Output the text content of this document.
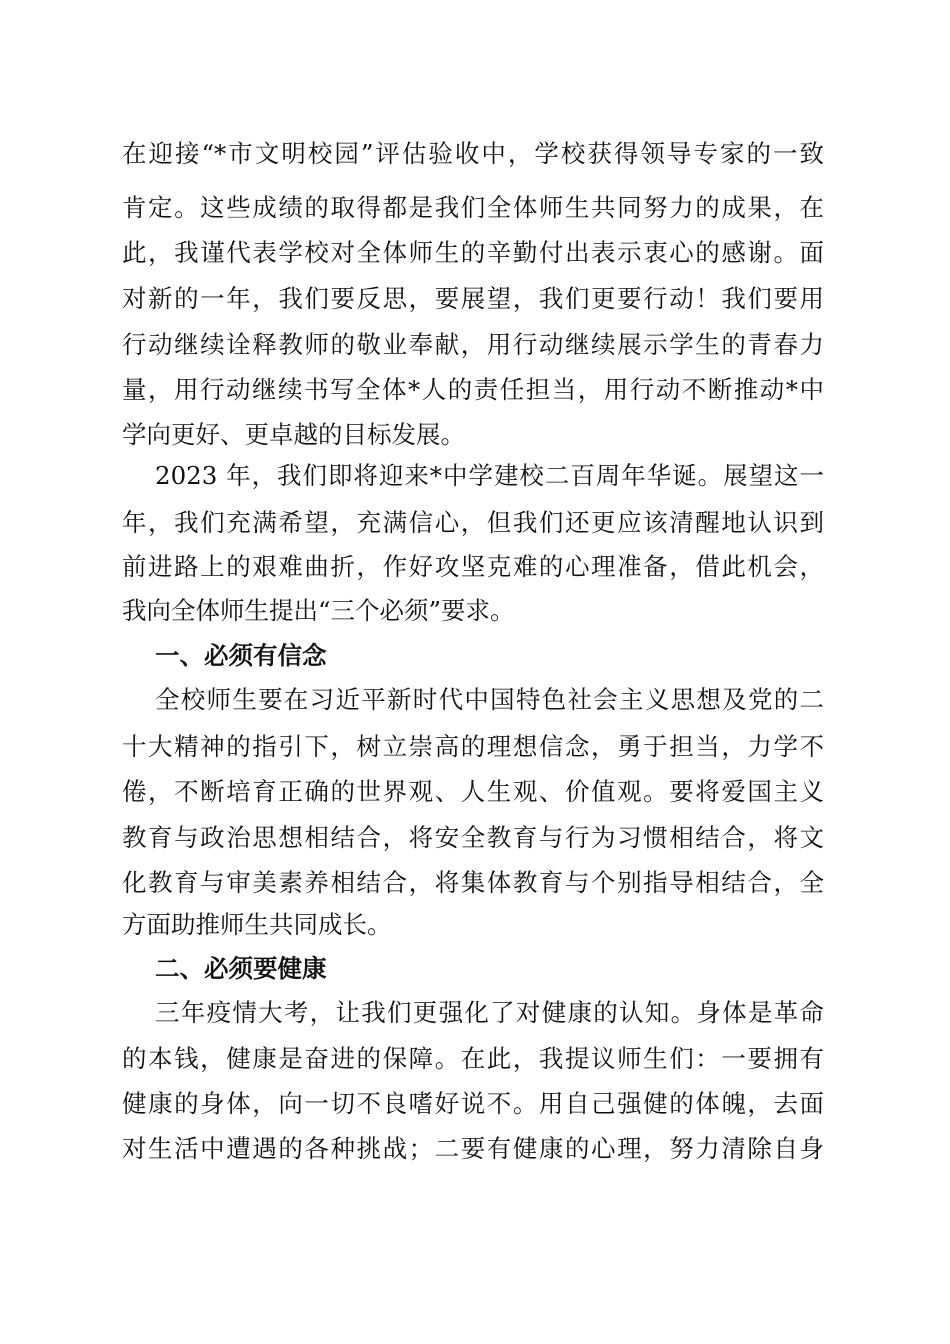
在迎接“*市文明校园”评估验收中，学校获得领导专家的一致

肯定。这些成绩的取得都是我们全体师生共同努力的成果，在

此，我谨代表学校对全体师生的辛勤付出表示衷心的感谢。面

对新的一年，我们要反思，要展望，我们更要行动！我们要用

行动继续诠释教师的敬业奉献，用行动继续展示学生的青春力

量，用行动继续书写全体*人的责任担当，用行动不断推动*中

学向更好、更卓越的目标发展。

2023 年，我们即将迎来*中学建校二百周年华诞。展望这一

年，我们充满希望，充满信心，但我们还更应该清醒地认识到

前进路上的艰难曲折，作好攻坚克难的心理准备，借此机会，

我向全体师生提出“三个必须”要求。

一、必须有信念

全校师生要在习近平新时代中国特色社会主义思想及党的二

十大精神的指引下，树立崇高的理想信念，勇于担当，力学不

倦，不断培育正确的世界观、人生观、价值观。要将爱国主义

教育与政治思想相结合，将安全教育与行为习惯相结合，将文

化教育与审美素养相结合，将集体教育与个别指导相结合，全

方面助推师生共同成长。

二、必须要健康

三年疫情大考，让我们更强化了对健康的认知。身体是革命

的本钱，健康是奋进的保障。在此，我提议师生们：一要拥有

健康的身体，向一切不良嗜好说不。用自己强健的体魄，去面

对生活中遭遇的各种挑战；二要有健康的心理，努力清除自身
